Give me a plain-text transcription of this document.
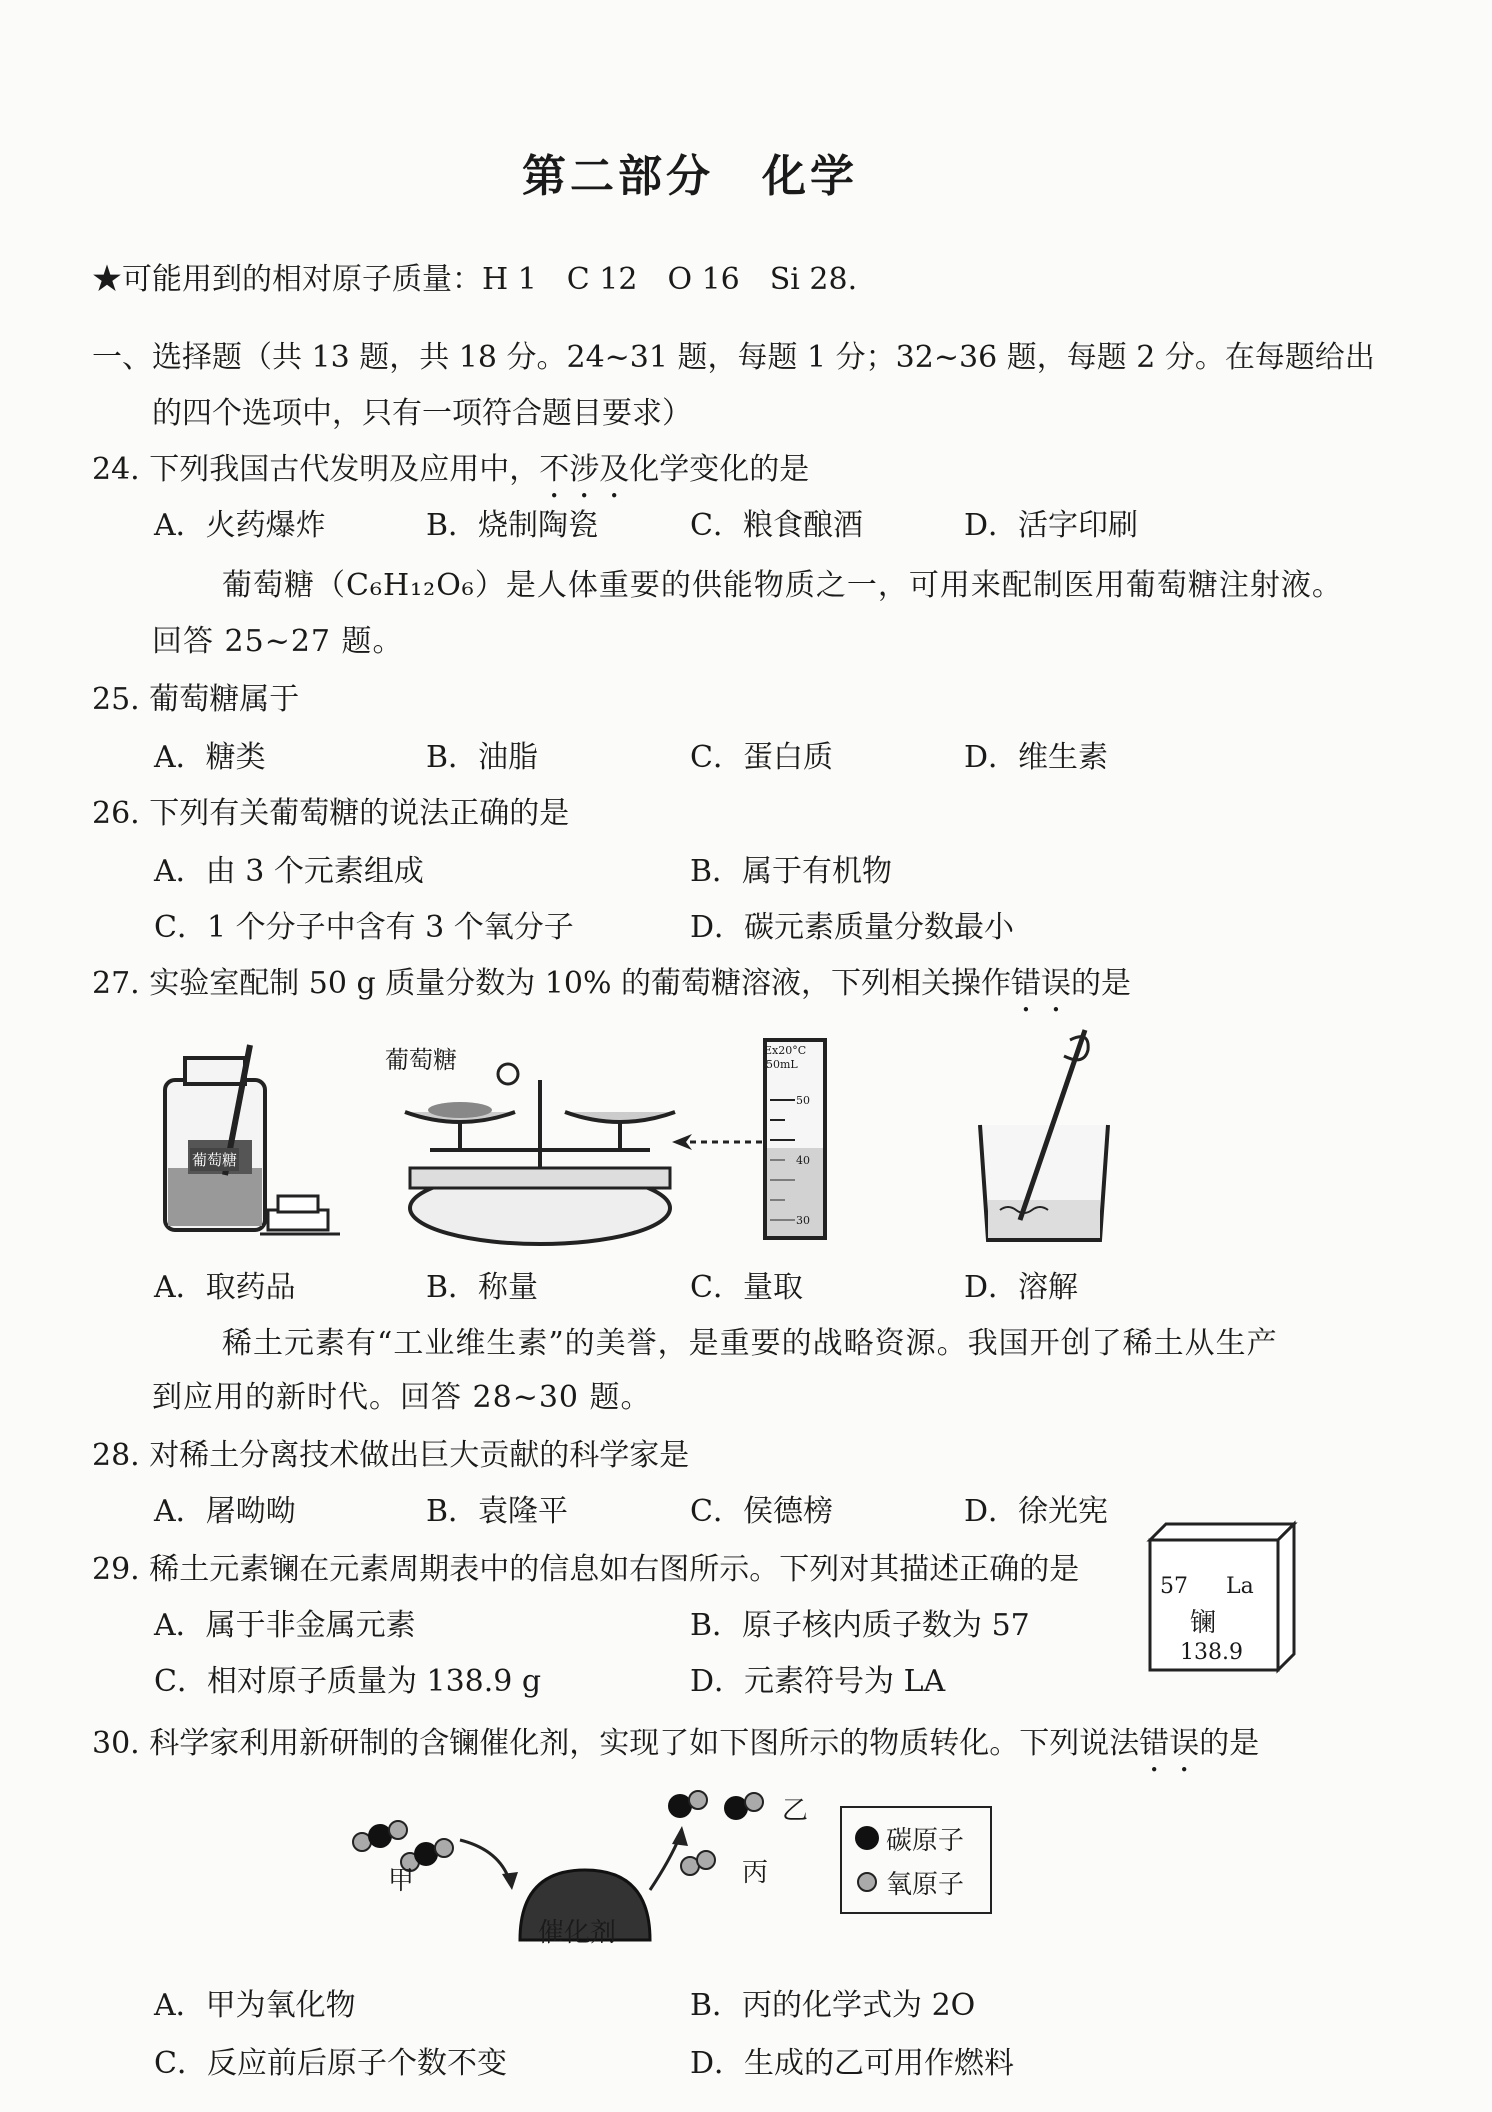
第二部分　化学
★可能用到的相对原子质量：H 1　C 12　O 16　Si 28.
一、选择题（共 13 题，共 18 分。24~31 题，每题 1 分；32~36 题，每题 2 分。在每题给出
的四个选项中，只有一项符合题目要求）
24. 下列我国古代发明及应用中，不涉及化学变化的是
A．火药爆炸	B．烧制陶瓷	C．粮食酿酒	D．活字印刷
葡萄糖（C₆H₁₂O₆）是人体重要的供能物质之一，可用来配制医用葡萄糖注射液。
回答 25~27 题。
25. 葡萄糖属于
A．糖类	B．油脂	C．蛋白质	D．维生素
26. 下列有关葡萄糖的说法正确的是
A．由 3 个元素组成	B．属于有机物
C．1 个分子中含有 3 个氧分子	D．碳元素质量分数最小
27. 实验室配制 50 g 质量分数为 10% 的葡萄糖溶液，下列相关操作错误的是
葡萄糖
葡萄糖	Ex20°C
50mL
50
40
30
A．取药品	B．称量	C．量取	D．溶解
稀土元素有“工业维生素”的美誉，是重要的战略资源。我国开创了稀土从生产
到应用的新时代。回答 28~30 题。
28. 对稀土分离技术做出巨大贡献的科学家是
A．屠呦呦	B．袁隆平	C．侯德榜	D．徐光宪
29. 稀土元素镧在元素周期表中的信息如右图所示。下列对其描述正确的是
A．属于非金属元素	B．原子核内质子数为 57
C．相对原子质量为 138.9 g	D．元素符号为 LA
57 La
镧
138.9
30. 科学家利用新研制的含镧催化剂，实现了如下图所示的物质转化。下列说法错误的是
甲
乙
丙
催化剂
碳原子
氧原子
A．甲为氧化物	B．丙的化学式为 2O
C．反应前后原子个数不变	D．生成的乙可用作燃料
